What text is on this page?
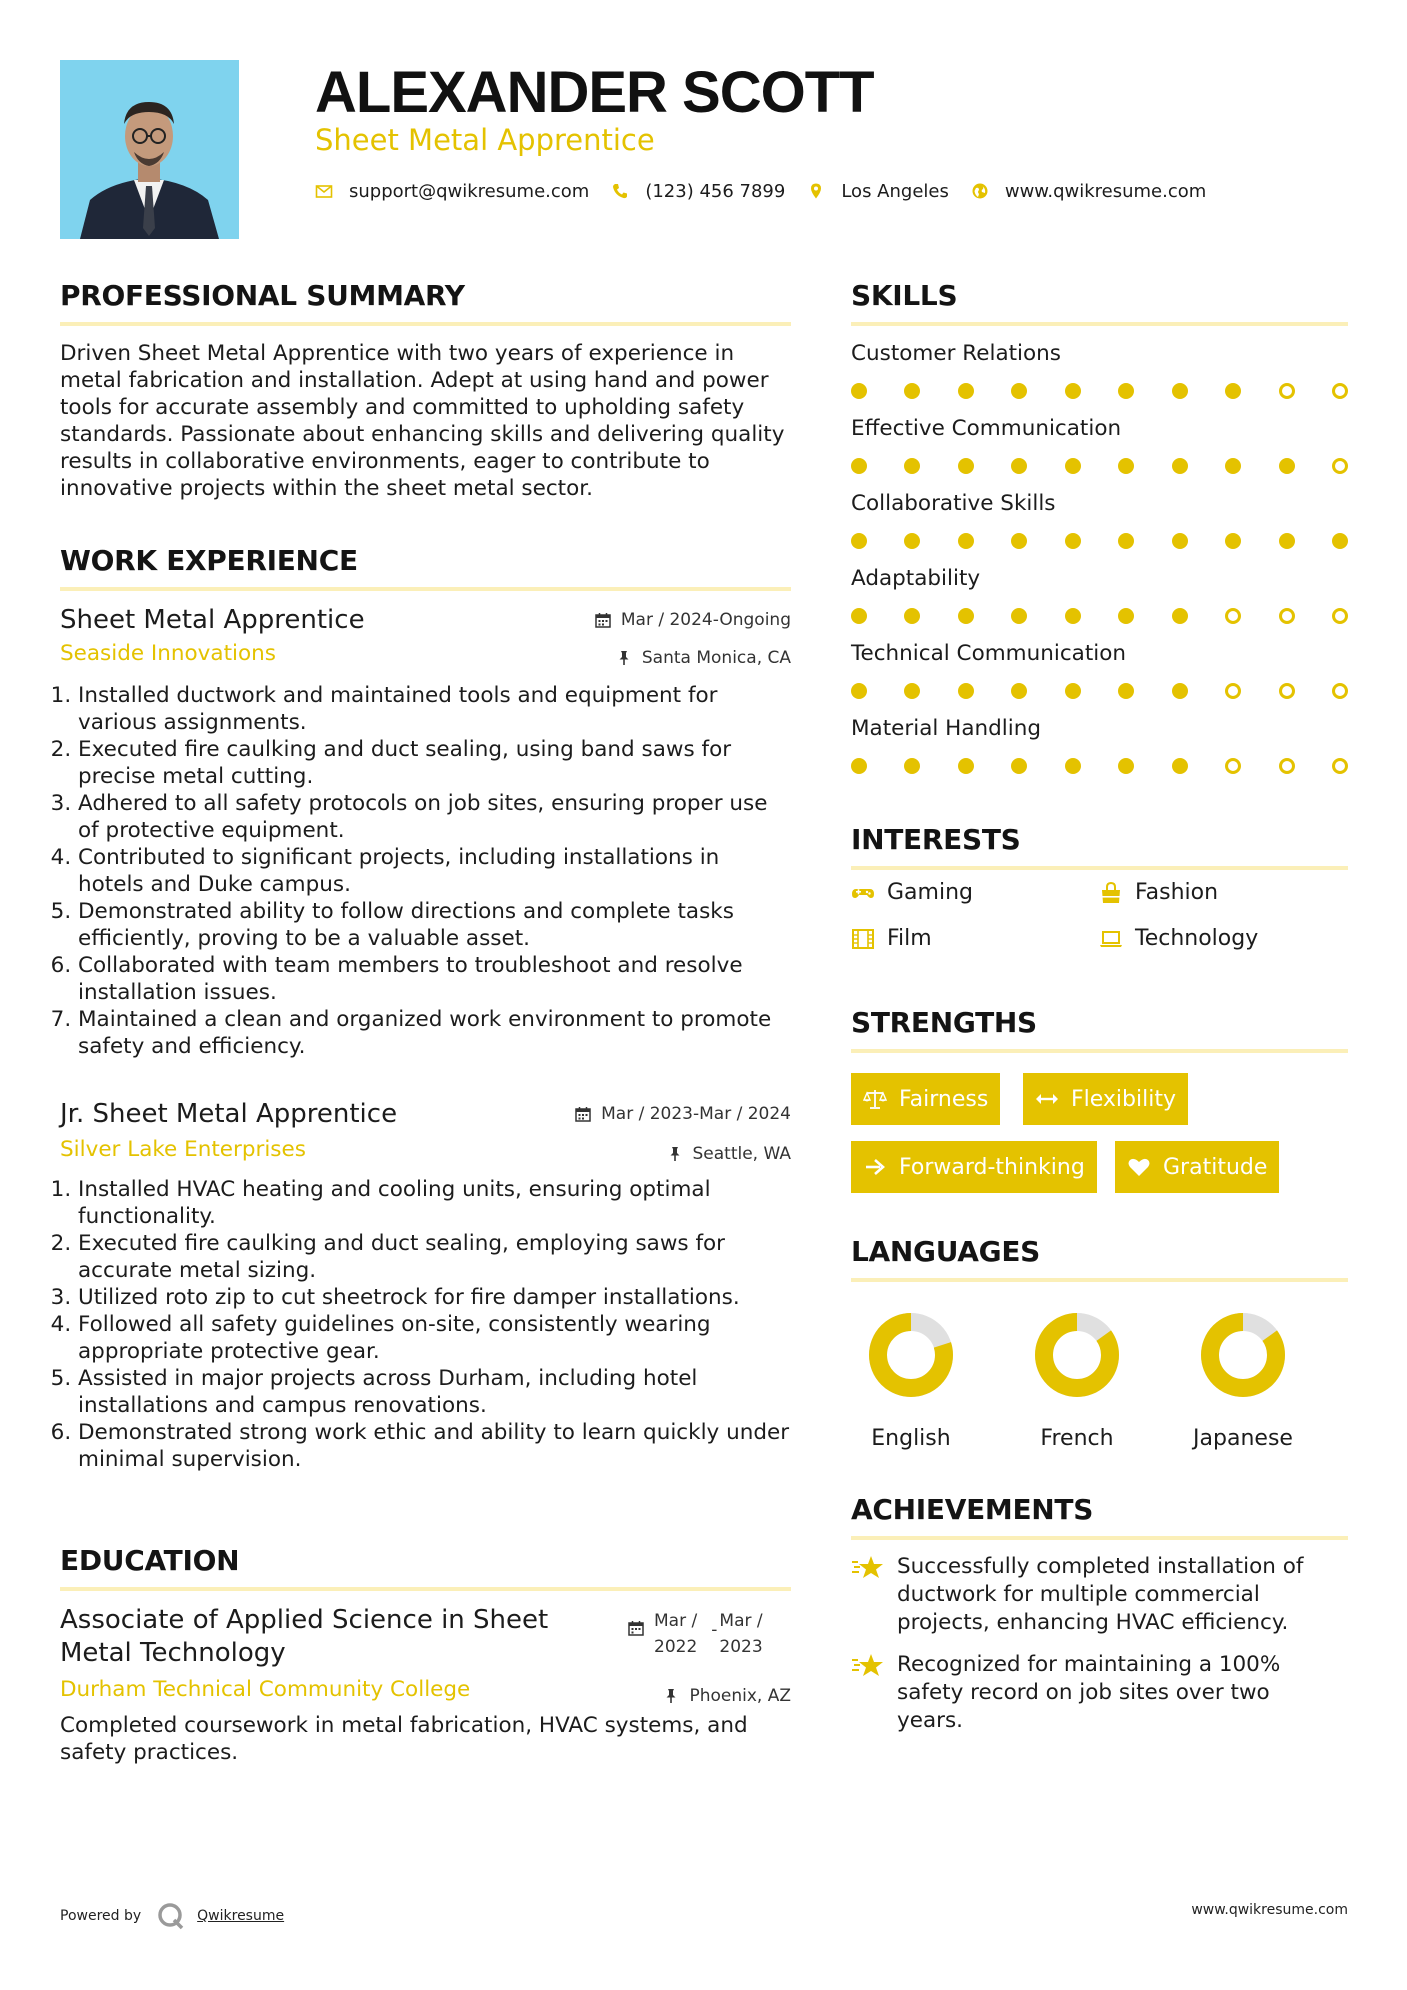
ALEXANDER SCOTT
Sheet Metal Apprentice
support@qwikresume.com	(123) 456 7899	Los Angeles	www.qwikresume.com
PROFESSIONAL SUMMARY
Driven Sheet Metal Apprentice with two years of experience in metal fabrication and installation. Adept at using hand and power tools for accurate assembly and committed to upholding safety standards. Passionate about enhancing skills and delivering quality results in collaborative environments, eager to contribute to innovative projects within the sheet metal sector.
WORK EXPERIENCE
Sheet Metal Apprentice	Mar / 2024-Ongoing
Seaside Innovations	Santa Monica, CA
1. Installed ductwork and maintained tools and equipment for various assignments.
2. Executed fire caulking and duct sealing, using band saws for precise metal cutting.
3. Adhered to all safety protocols on job sites, ensuring proper use of protective equipment.
4. Contributed to significant projects, including installations in hotels and Duke campus.
5. Demonstrated ability to follow directions and complete tasks efficiently, proving to be a valuable asset.
6. Collaborated with team members to troubleshoot and resolve installation issues.
7. Maintained a clean and organized work environment to promote safety and efficiency.
Jr. Sheet Metal Apprentice	Mar / 2023-Mar / 2024
Silver Lake Enterprises	Seattle, WA
1. Installed HVAC heating and cooling units, ensuring optimal functionality.
2. Executed fire caulking and duct sealing, employing saws for accurate metal sizing.
3. Utilized roto zip to cut sheetrock for fire damper installations.
4. Followed all safety guidelines on-site, consistently wearing appropriate protective gear.
5. Assisted in major projects across Durham, including hotel installations and campus renovations.
6. Demonstrated strong work ethic and ability to learn quickly under minimal supervision.
EDUCATION
Associate of Applied Science in Sheet Metal Technology
Mar /
2022
- Mar /
2023
Durham Technical Community College	Phoenix, AZ
Completed coursework in metal fabrication, HVAC systems, and safety practices.
SKILLS
Customer Relations
Effective Communication
Collaborative Skills
Adaptability
Technical Communication
Material Handling
INTERESTS
Gaming	Fashion
Film	Technology
STRENGTHS
Fairness	Flexibility
Forward-thinking	Gratitude
LANGUAGES
English	French	Japanese
ACHIEVEMENTS
Successfully completed installation of ductwork for multiple commercial projects, enhancing HVAC efficiency.
Recognized for maintaining a 100% safety record on job sites over two years.
Powered by	Qwikresume	www.qwikresume.com
